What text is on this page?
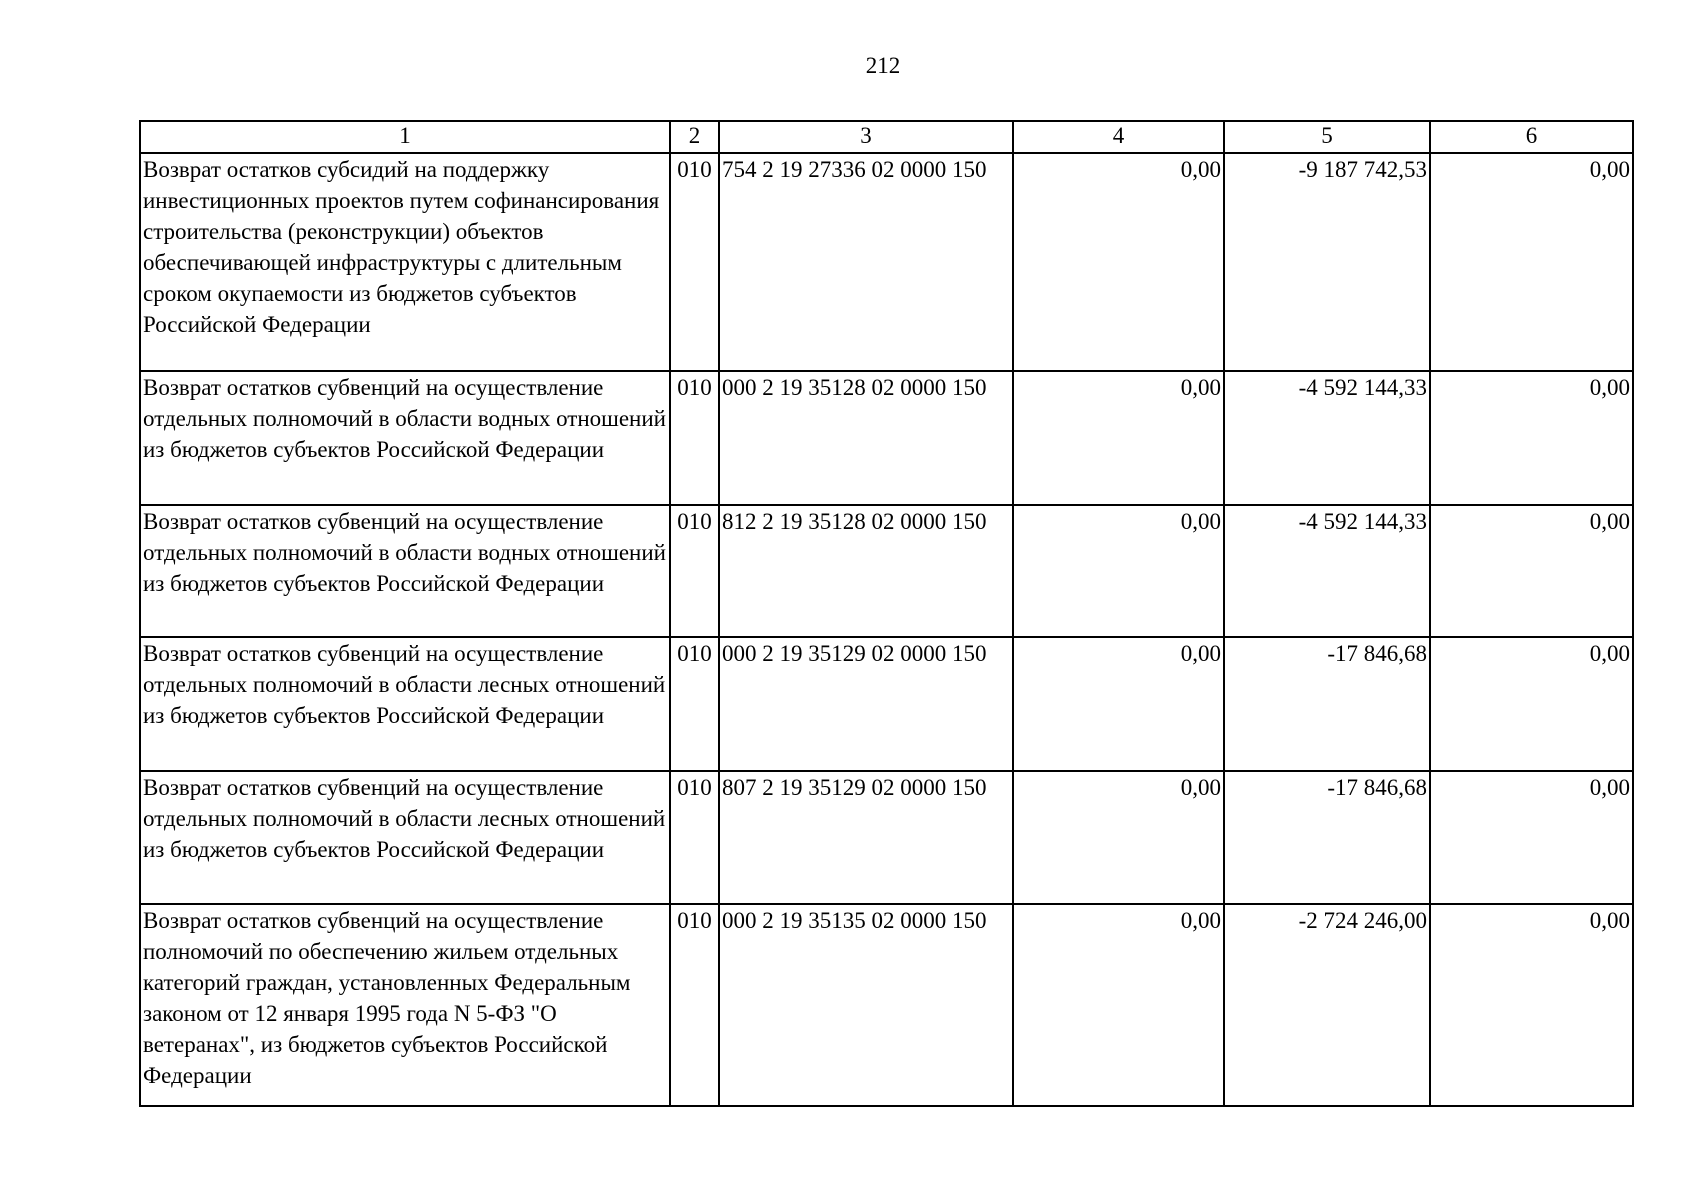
212
1	2	3	4	5	6
Возврат остатков субсидий на поддержку инвестиционных проектов путем софинансирования строительства (реконструкции) объектов обеспечивающей инфраструктуры с длительным сроком окупаемости из бюджетов субъектов Российской Федерации	010	754 2 19 27336 02 0000 150	0,00	-9 187 742,53	0,00
Возврат остатков субвенций на осуществление отдельных полномочий в области водных отношений из бюджетов субъектов Российской Федерации	010	000 2 19 35128 02 0000 150	0,00	-4 592 144,33	0,00
Возврат остатков субвенций на осуществление отдельных полномочий в области водных отношений из бюджетов субъектов Российской Федерации	010	812 2 19 35128 02 0000 150	0,00	-4 592 144,33	0,00
Возврат остатков субвенций на осуществление отдельных полномочий в области лесных отношений из бюджетов субъектов Российской Федерации	010	000 2 19 35129 02 0000 150	0,00	-17 846,68	0,00
Возврат остатков субвенций на осуществление отдельных полномочий в области лесных отношений из бюджетов субъектов Российской Федерации	010	807 2 19 35129 02 0000 150	0,00	-17 846,68	0,00
Возврат остатков субвенций на осуществление полномочий по обеспечению жильем отдельных категорий граждан, установленных Федеральным законом от 12 января 1995 года N 5-ФЗ "О ветеранах", из бюджетов субъектов Российской Федерации	010	000 2 19 35135 02 0000 150	0,00	-2 724 246,00	0,00
